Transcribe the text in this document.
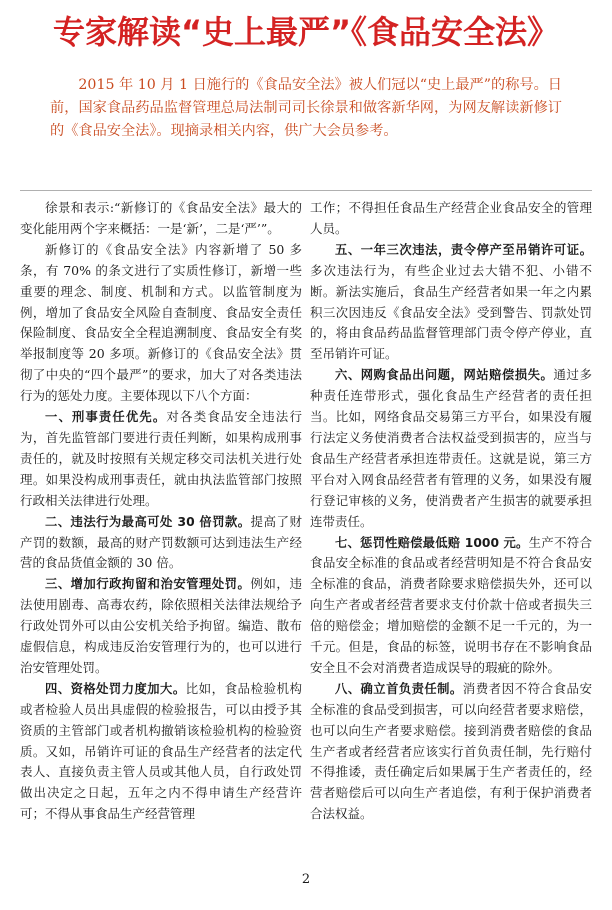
专家解读“史上最严”《食品安全法》

2015 年 10 月 1 日施行的《食品安全法》被人们冠以“史上最严”的称号。日前，国家食品药品监督管理总局法制司司长徐景和做客新华网，为网友解读新修订的《食品安全法》。现摘录相关内容，供广大会员参考。

徐景和表示:“新修订的《食品安全法》最大的变化能用两个字来概括：一是‘新’，二是‘严’”。

新修订的《食品安全法》内容新增了 50 多条，有 70% 的条文进行了实质性修订，新增一些重要的理念、制度、机制和方式。以监管制度为例，增加了食品安全风险自查制度、食品安全责任保险制度、食品安全全程追溯制度、食品安全有奖举报制度等 20 多项。新修订的《食品安全法》贯彻了中央的“四个最严”的要求，加大了对各类违法行为的惩处力度。主要体现以下八个方面：

一、刑事责任优先。对各类食品安全违法行为，首先监管部门要进行责任判断，如果构成刑事责任的，就及时按照有关规定移交司法机关进行处理。如果没构成刑事责任，就由执法监管部门按照行政相关法律进行处理。

二、违法行为最高可处 30 倍罚款。提高了财产罚的数额，最高的财产罚数额可达到违法生产经营的食品货值金额的 30 倍。

三、增加行政拘留和治安管理处罚。例如，违法使用剧毒、高毒农药，除依照相关法律法规给予行政处罚外可以由公安机关给予拘留。编造、散布虚假信息，构成违反治安管理行为的，也可以进行治安管理处罚。

四、资格处罚力度加大。比如，食品检验机构或者检验人员出具虚假的检验报告，可以由授予其资质的主管部门或者机构撤销该检验机构的检验资质。又如，吊销许可证的食品生产经营者的法定代表人、直接负责主管人员或其他人员，自行政处罚做出决定之日起，五年之内不得申请生产经营许可；不得从事食品生产经营管理

工作；不得担任食品生产经营企业食品安全的管理人员。

五、一年三次违法，责令停产至吊销许可证。多次违法行为，有些企业过去大错不犯、小错不断。新法实施后，食品生产经营者如果一年之内累积三次因违反《食品安全法》受到警告、罚款处罚的，将由食品药品监督管理部门责令停产停业，直至吊销许可证。

六、网购食品出问题，网站赔偿损失。通过多种责任连带形式，强化食品生产经营者的责任担当。比如，网络食品交易第三方平台，如果没有履行法定义务使消费者合法权益受到损害的，应当与食品生产经营者承担连带责任。这就是说，第三方平台对入网食品经营者有管理的义务，如果没有履行登记审核的义务，使消费者产生损害的就要承担连带责任。

七、惩罚性赔偿最低赔 1000 元。生产不符合食品安全标准的食品或者经营明知是不符合食品安全标准的食品，消费者除要求赔偿损失外，还可以向生产者或者经营者要求支付价款十倍或者损失三倍的赔偿金；增加赔偿的金额不足一千元的，为一千元。但是，食品的标签，说明书存在不影响食品安全且不会对消费者造成误导的瑕疵的除外。

八、确立首负责任制。消费者因不符合食品安全标准的食品受到损害，可以向经营者要求赔偿，也可以向生产者要求赔偿。接到消费者赔偿的食品生产者或者经营者应该实行首负责任制，先行赔付不得推诿，责任确定后如果属于生产者责任的，经营者赔偿后可以向生产者追偿，有利于保护消费者合法权益。

2
